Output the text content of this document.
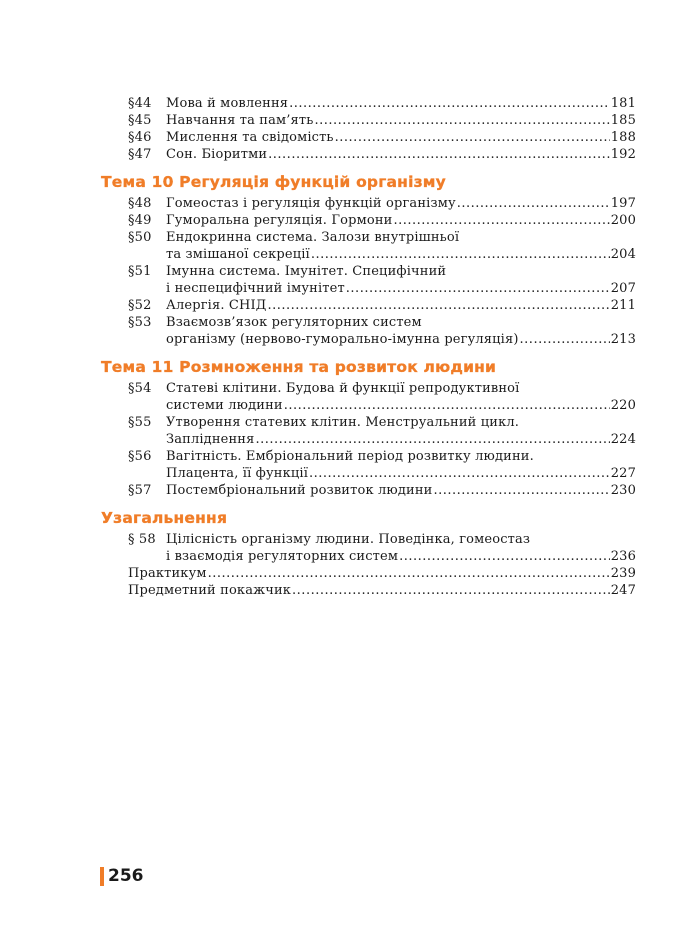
§44	Мова й мовлення .....	181
§45	Навчання та пам’ять .....	185
§46	Мислення та свідомість .....	188
§47	Сон. Біоритми .....	192
Тема 10 Регуляція функцій організму
§48	Гомеостаз і регуляція функцій організму .....	197
§49	Гуморальна регуляція. Гормони .....	200
§50	Ендокринна система. Залози внутрішньої
та змішаної секреції .....	204
§51	Імунна система. Імунітет. Специфічний
і неспецифічний імунітет .....	207
§52	Алергія. СНІД .....	211
§53	Взаємозв’язок регуляторних систем
організму (нервово-гуморально-імунна регуляція) .....	213
Тема 11 Розмноження та розвиток людини
§54	Статеві клітини. Будова й функції репродуктивної
системи людини .....	220
§55	Утворення статевих клітин. Менструальний цикл.
Запліднення .....	224
§56	Вагітність. Ембріональний період розвитку людини.
Плацента, її функції .....	227
§57	Постембріональний розвиток людини .....	230
Узагальнення
§ 58 Цілісність організму людини. Поведінка, гомеостаз
і взаємодія регуляторних систем .....	236
Практикум .....	239
Предметний покажчик .....	247
256
